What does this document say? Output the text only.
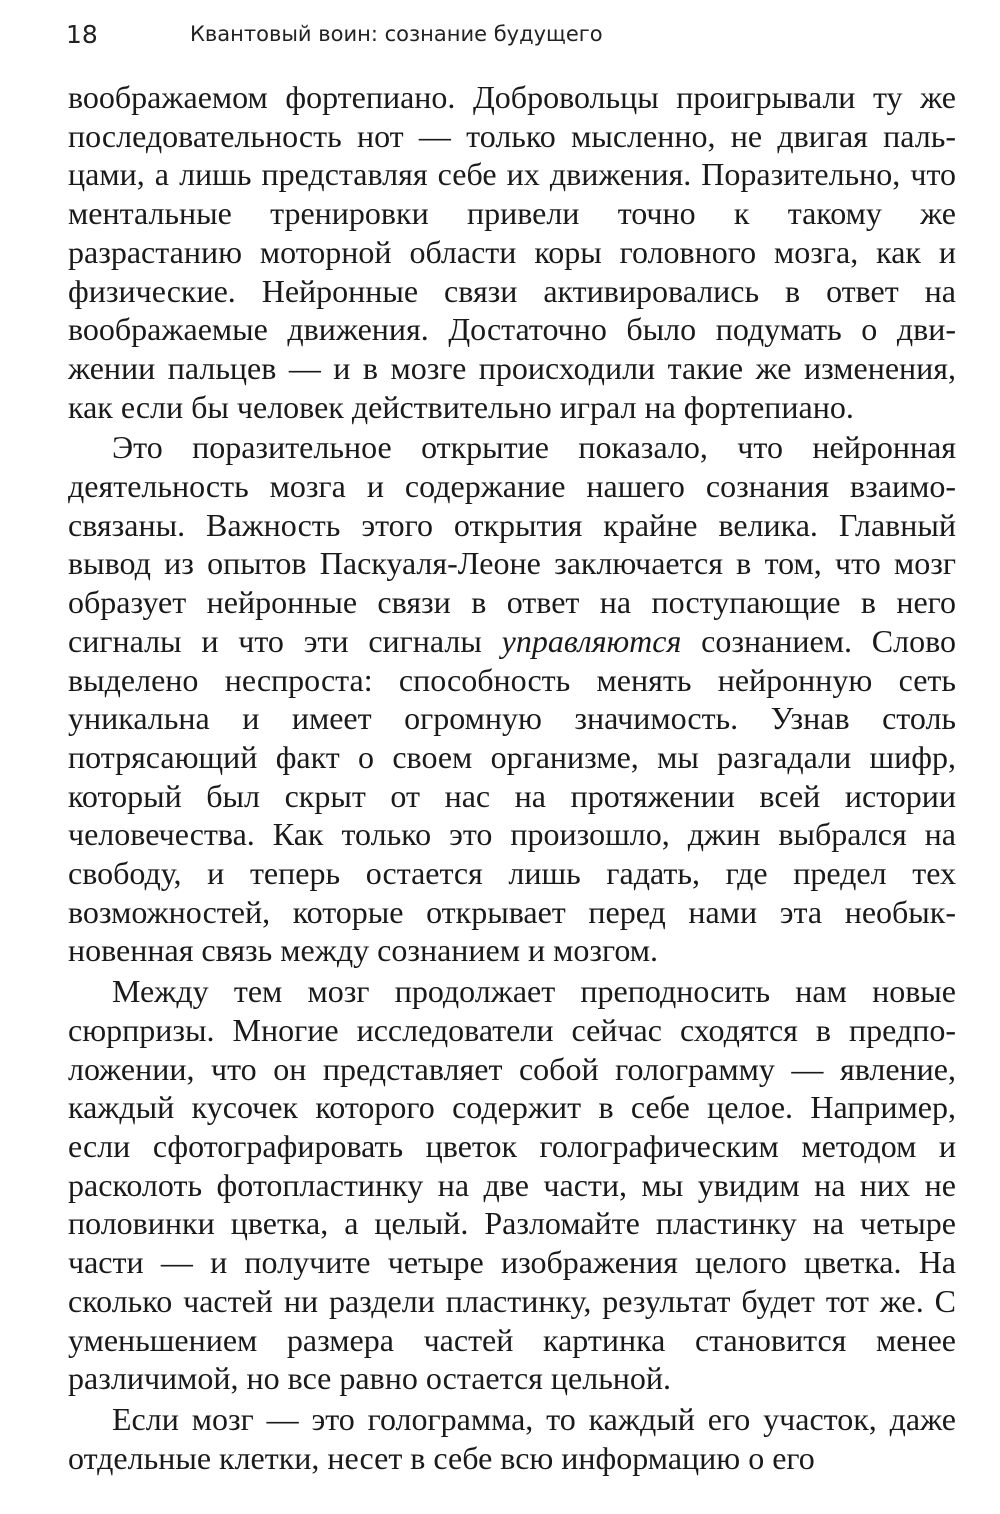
18	Квантовый воин: сознание будущего

воображаемом фортепиано. Добровольцы проигрывали ту же последовательность нот — только мысленно, не двигая пальцами, а лишь представляя себе их движения. Поразительно, что ментальные тренировки привели точно к такому же разрастанию моторной области коры головного мозга, как и физические. Нейронные связи активировались в ответ на воображаемые движения. Достаточно было подумать о движении пальцев — и в мозге происходили такие же изменения, как если бы человек действительно играл на фортепиано.

Это поразительное открытие показало, что нейронная деятельность мозга и содержание нашего сознания взаимосвязаны. Важность этого открытия крайне велика. Главный вывод из опытов Паскуаля-Леоне заключается в том, что мозг образует нейронные связи в ответ на поступающие в него сигналы и что эти сигналы управляются сознанием. Слово выделено неспроста: способность менять нейронную сеть уникальна и имеет огромную значимость. Узнав столь потрясающий факт о своем организме, мы разгадали шифр, который был скрыт от нас на протяжении всей истории человечества. Как только это произошло, джин выбрался на свободу, и теперь остается лишь гадать, где предел тех возможностей, которые открывает перед нами эта необыкновенная связь между сознанием и мозгом.

Между тем мозг продолжает преподносить нам новые сюрпризы. Многие исследователи сейчас сходятся в предположении, что он представляет собой голограмму — явление, каждый кусочек которого содержит в себе целое. Например, если сфотографировать цветок голографическим методом и расколоть фотопластинку на две части, мы увидим на них не половинки цветка, а целый. Разломайте пластинку на четыре части — и получите четыре изображения целого цветка. На сколько частей ни раздели пластинку, результат будет тот же. С уменьшением размера частей картинка становится менее различимой, но все равно остается цельной.

Если мозг — это голограмма, то каждый его участок, даже отдельные клетки, несет в себе всю информацию о его
